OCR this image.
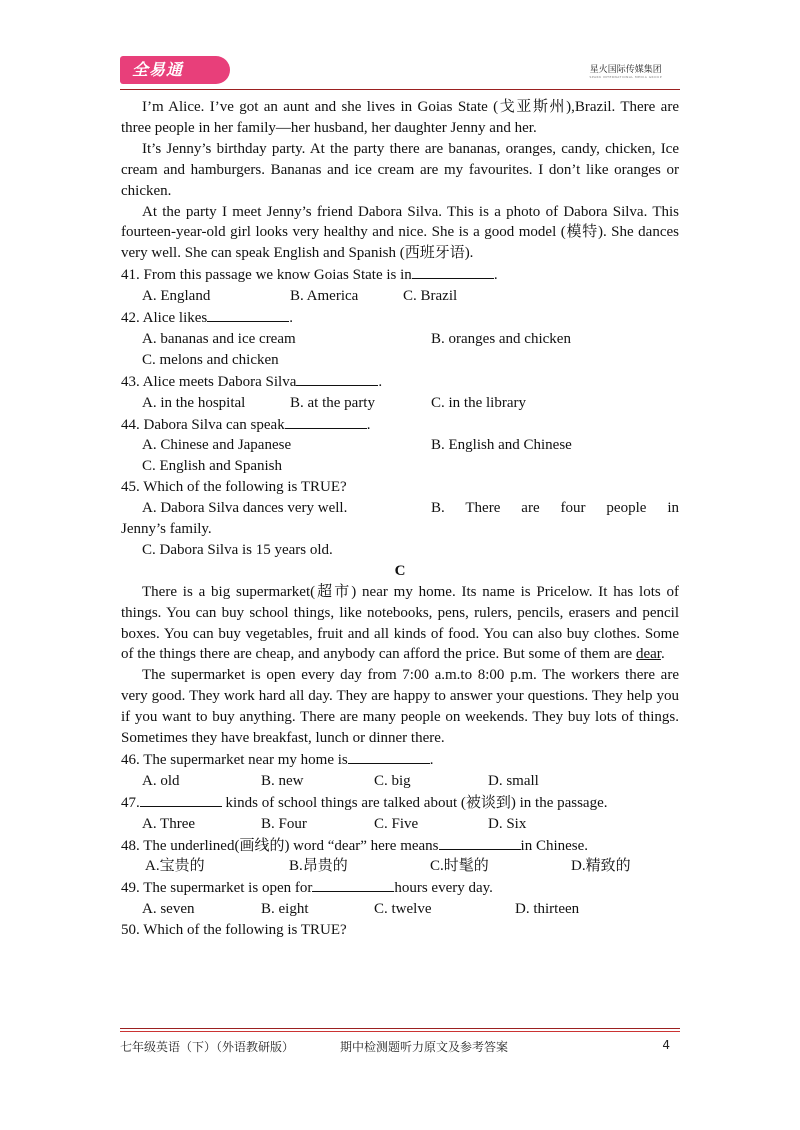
全易通	星火国际传媒集团
SPARK INTERNATIONAL MEDIA GROUP

I’m Alice. I’ve got an aunt and she lives in Goias State (戈亚斯州),Brazil. There are three people in her family—her husband, her daughter Jenny and her.

It’s Jenny’s birthday party. At the party there are bananas, oranges, candy, chicken, Ice cream and hamburgers. Bananas and ice cream are my favourites. I don’t like oranges or chicken.

At the party I meet Jenny’s friend Dabora Silva. This is a photo of Dabora Silva. This fourteen-year-old girl looks very healthy and nice. She is a good model (模特). She dances very well. She can speak English and Spanish (西班牙语).

41. From this passage we know Goias State is in	.

A. England	B. America	C. Brazil

42. Alice likes	.

A. bananas and ice cream	B. oranges and chicken
C. melons and chicken

43. Alice meets Dabora Silva	.

A. in the hospital	B. at the party	C. in the library

44. Dabora Silva can speak	.

A. Chinese and Japanese	B. English and Chinese
C. English and Spanish

45. Which of the following is TRUE?

A. Dabora Silva dances very well.	B. There are four people in
Jenny’s family.
C. Dabora Silva is 15 years old.

C

There is a big supermarket(超市) near my home. Its name is Pricelow. It has lots of things. You can buy school things, like notebooks, pens, rulers, pencils, erasers and pencil boxes. You can buy vegetables, fruit and all kinds of food. You can also buy clothes. Some of the things there are cheap, and anybody can afford the price. But some of them are dear.

The supermarket is open every day from 7:00 a.m.to 8:00 p.m. The workers there are very good. They work hard all day. They are happy to answer your questions. They help you if you want to buy anything. There are many people on weekends. They buy lots of things. Sometimes they have breakfast, lunch or dinner there.

46. The supermarket near my home is	.

A. old	B. new	C. big	D. small

47.	kinds of school things are talked about (被谈到) in the passage.

A. Three	B. Four	C. Five	D. Six

48. The underlined(画线的) word “dear” here means	in Chinese.

A.宝贵的	B.昂贵的	C.时髦的	D.精致的

49. The supermarket is open for	hours every day.

A. seven	B. eight	C. twelve	D. thirteen

50. Which of the following is TRUE?

七年级英语（下）（外语教研版）	期中检测题听力原文及参考答案	4
